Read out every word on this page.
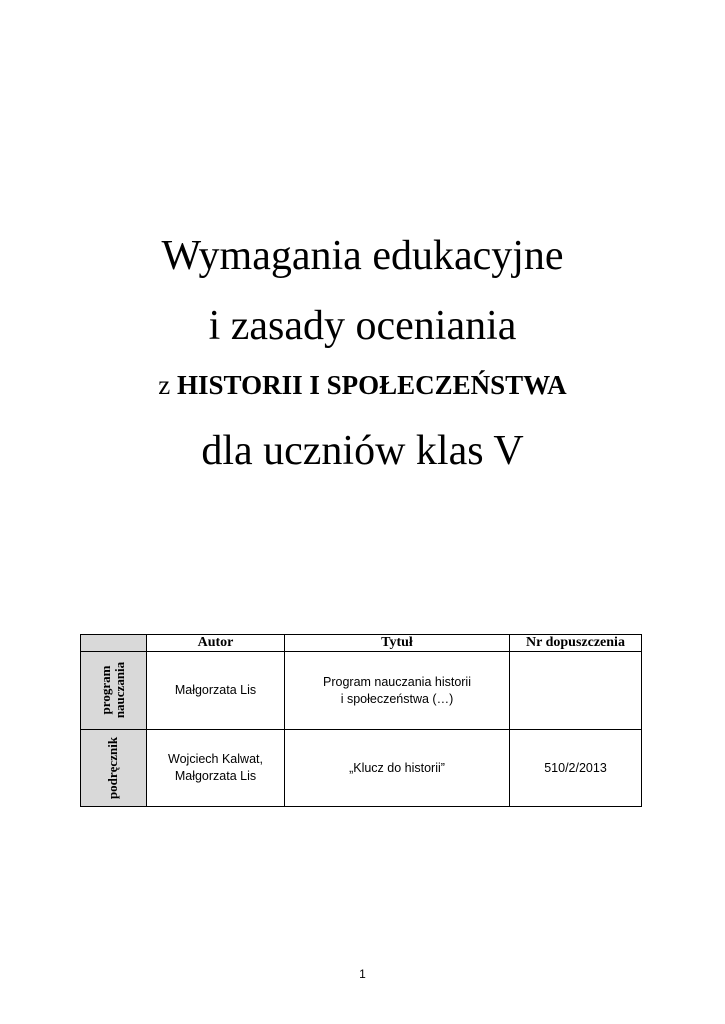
Wymagania edukacyjne
i zasady oceniania
z HISTORII I SPOŁECZEŃSTWA
dla uczniów klas V
	Autor	Tytuł	Nr dopuszczenia

program nauczania	Małgorzata Lis	Program nauczania historii
i społeczeństwa (…)	

podręcznik	Wojciech Kalwat,
Małgorzata Lis	„Klucz do historii”	510/2/2013
1
